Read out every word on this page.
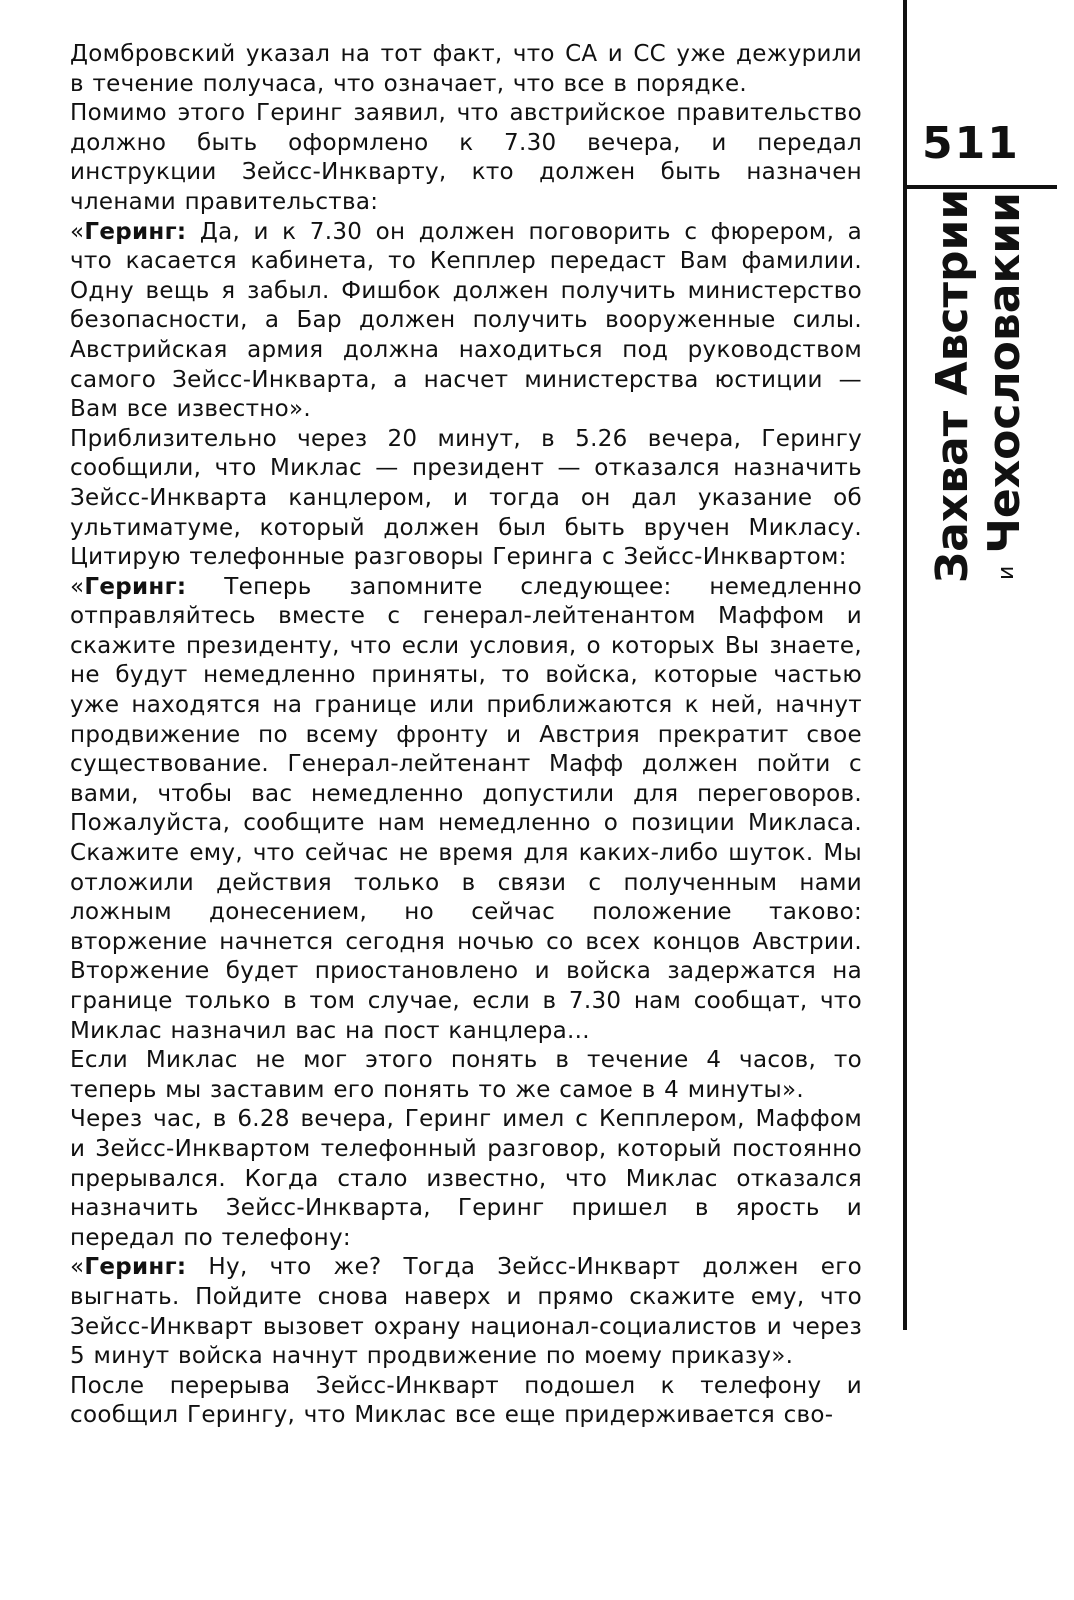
Домбровский указал на тот факт, что СА и СС уже дежурили в течение получаса, что означает, что все в порядке.

Помимо этого Геринг заявил, что австрийское правительство должно быть оформлено к 7.30 вечера, и передал инструкции Зейсс-Инкварту, кто должен быть назначен членами правительства:

«Геринг: Да, и к 7.30 он должен поговорить с фюрером, а что касается кабинета, то Кепплер передаст Вам фамилии. Одну вещь я забыл. Фишбок должен получить министерство безопасности, а Бар должен получить вооруженные силы. Австрийская армия должна находиться под руководством самого Зейсс-Инкварта, а насчет министерства юстиции — Вам все известно».

Приблизительно через 20 минут, в 5.26 вечера, Герингу сообщили, что Миклас — президент — отказался назначить Зейсс-Инкварта канцлером, и тогда он дал указание об ультиматуме, который должен был быть вручен Микласу. Цитирую телефонные разговоры Геринга с Зейсс-Инквартом:

«Геринг: Теперь запомните следующее: немедленно отправляйтесь вместе с генерал-лейтенантом Маффом и скажите президенту, что если условия, о которых Вы знаете, не будут немедленно приняты, то войска, которые частью уже находятся на границе или приближаются к ней, начнут продвижение по всему фронту и Австрия прекратит свое существование. Генерал-лейтенант Мафф должен пойти с вами, чтобы вас немедленно допустили для переговоров. Пожалуйста, сообщите нам немедленно о позиции Микласа. Скажите ему, что сейчас не время для каких-либо шуток. Мы отложили действия только в связи с полученным нами ложным донесением, но сейчас положение таково: вторжение начнется сегодня ночью со всех концов Австрии. Вторжение будет приостановлено и войска задержатся на границе только в том случае, если в 7.30 нам сообщат, что Миклас назначил вас на пост канцлера...

Если Миклас не мог этого понять в течение 4 часов, то теперь мы заставим его понять то же самое в 4 минуты».

Через час, в 6.28 вечера, Геринг имел с Кепплером, Маффом и Зейсс-Инквартом телефонный разговор, который постоянно прерывался. Когда стало известно, что Миклас отказался назначить Зейсс-Инкварта, Геринг пришел в ярость и передал по телефону:

«Геринг: Ну, что же? Тогда Зейсс-Инкварт должен его выгнать. Пойдите снова наверх и прямо скажите ему, что Зейсс-Инкварт вызовет охрану национал-социалистов и через 5 минут войска начнут продвижение по моему приказу».

После перерыва Зейсс-Инкварт подошел к телефону и сообщил Герингу, что Миклас все еще придерживается сво-

511
Захват Австрии иЧехословакии
